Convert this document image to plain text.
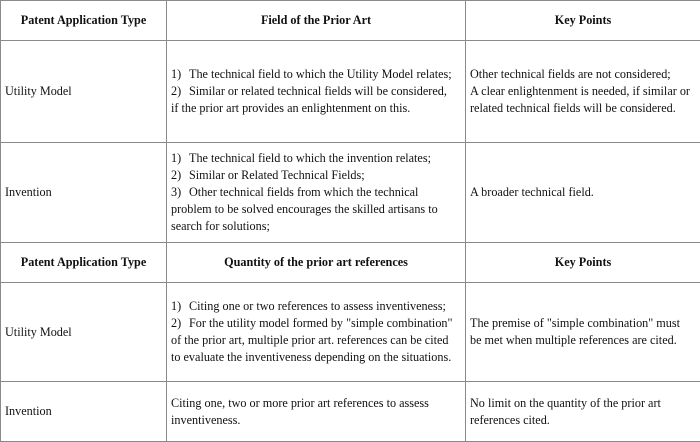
Patent Application Type	Field of the Prior Art	Key Points
Utility Model	1) The technical field to which the Utility Model relates;
2) Similar or related technical fields will be considered,
if the prior art provides an enlightenment on this.	Other technical fields are not considered;
A clear enlightenment is needed, if similar or
related technical fields will be considered.

Invention	1) The technical field to which the invention relates;
2) Similar or Related Technical Fields;
3) Other technical fields from which the technical
problem to be solved encourages the skilled artisans to
search for solutions;	A broader technical field.

Patent Application Type	Quantity of the prior art references	Key Points
Utility Model	1) Citing one or two references to assess inventiveness;
2) For the utility model formed by "simple combination"
of the prior art, multiple prior art. references can be cited
to evaluate the inventiveness depending on the situations.	The premise of "simple combination" must
be met when multiple references are cited.

Invention	Citing one, two or more prior art references to assess
inventiveness.	No limit on the quantity of the prior art
references cited.
